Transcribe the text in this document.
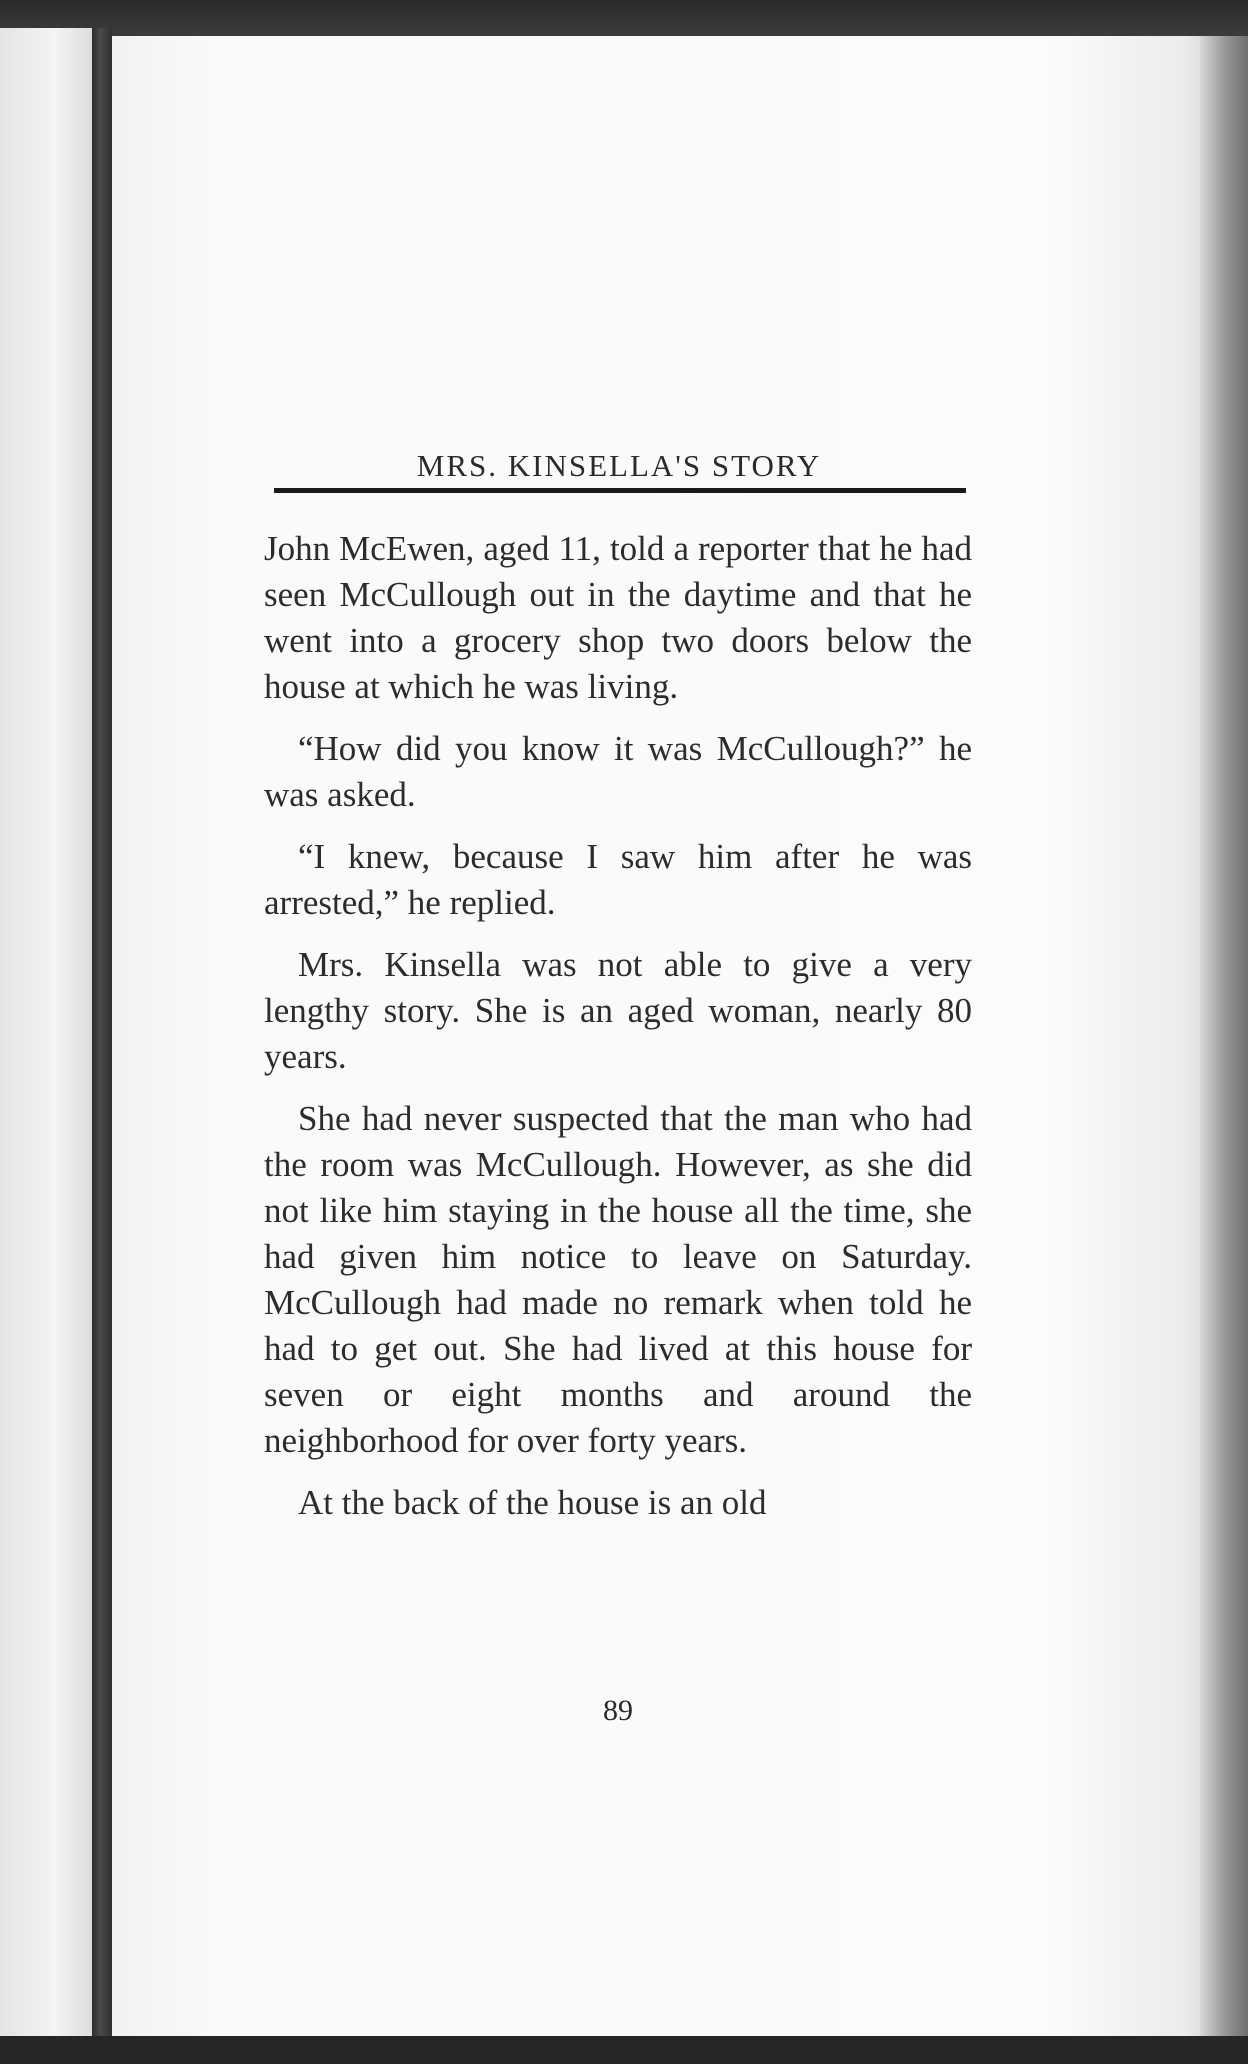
MRS. KINSELLA'S STORY

John McEwen, aged 11, told a reporter that he had seen McCullough out in the daytime and that he went into a grocery shop two doors below the house at which he was living.

“How did you know it was McCullough?” he was asked.

“I knew, because I saw him after he was arrested,” he replied.

Mrs. Kinsella was not able to give a very lengthy story. She is an aged woman, nearly 80 years.

She had never suspected that the man who had the room was McCullough. However, as she did not like him staying in the house all the time, she had given him notice to leave on Saturday. McCullough had made no remark when told he had to get out. She had lived at this house for seven or eight months and around the neighborhood for over forty years.

At the back of the house is an old

89
